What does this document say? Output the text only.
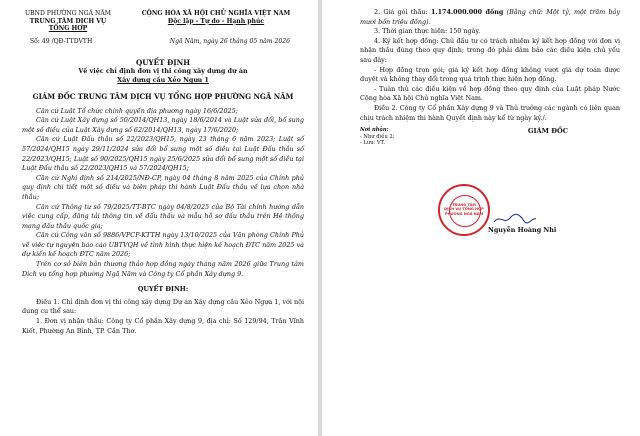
UBND PHƯỜNG NGÃ NĂM
TRUNG TÂM DỊCH VỤ
TỔNG HỢP
CỘNG HÒA XÃ HỘI CHỦ NGHĨA VIỆT NAM
Độc lập - Tự do - Hạnh phúc
Số: 49 /QĐ-TTDVTH	Ngã Năm, ngày 26 tháng 05 năm 2026
QUYẾT ĐỊNH
Về việc chỉ định đơn vị thi công xây dựng dự án
Xây dựng cầu Xẻo Ngựa 1
GIÁM ĐỐC TRUNG TÂM DỊCH VỤ TỔNG HỢP PHƯỜNG NGÃ NĂM

Căn cứ Luật Tổ chức chính quyền địa phương ngày 16/6/2025;

Căn cứ Luật Xây dựng số 50/2014/QH13, ngày 18/6/2014 và Luật sửa đổi, bổ sung một số điều của Luật Xây dựng số 62/2014/QH13, ngày 17/6/2020;

Căn cứ Luật Đấu thầu số 22/2023/QH15, ngày 23 tháng 6 năm 2023; Luật số 57/2024/QH15 ngày 29/11/2024 sửa đổi bổ sung một số điều tại Luật Đấu thầu số 22/2023/QH15; Luật số 90/2025/QH15 ngày 25/6/2025 sửa đổi bổ sung một số điều tại Luật Đấu thầu số 22/2023/QH15 và 57/2024/QH15;

Căn cứ Nghị định số 214/2025/NĐ-CP, ngày 04 tháng 8 năm 2025 của Chính phủ quy định chi tiết một số điều và biện pháp thi hành Luật Đấu thầu về lựa chọn nhà thầu;

Căn cứ Thông tư số 79/2025/TT-BTC ngày 04/8/2025 của Bộ Tài chính hướng dẫn việc cung cấp, đăng tải thông tin về đấu thầu và mẫu hồ sơ đấu thầu trên Hệ thống mạng đấu thầu quốc gia;

Căn cứ Công văn số 9886/VPCP-KTTH ngày 13/10/2025 của Văn phòng Chính Phủ về việc tự nguyện báo cáo UBTVQH về tình hình thực hiện kế hoạch ĐTC năm 2025 và dự kiến kế hoạch ĐTC năm 2026;

Trên cơ sở biên bản thương thảo hợp đồng ngày tháng năm 2026 giữa Trung tâm Dịch vụ tổng hợp phường Ngã Năm và Công ty Cổ phần Xây dựng 9.

QUYẾT ĐỊNH:

Điều 1. Chỉ định đơn vị thi công xây dựng Dự án Xây dựng cầu Xẻo Ngựa 1, với nội dung cụ thể sau:

1. Đơn vị nhận thầu: Công ty Cổ phần Xây dựng 9, địa chỉ: Số 129/94, Trần Vĩnh Kiết, Phường An Bình, TP. Cần Thơ.

2. Giá gói thầu: 1.174.000.000 đồng (Bằng chữ: Một tỷ, một trăm bảy mươi bốn triệu đồng).

3. Thời gian thực hiện: 150 ngày.

4. Ký kết hợp đồng: Chủ đầu tư có trách nhiệm ký kết hợp đồng với đơn vị nhận thầu đúng theo quy định; trong đó phải đảm bảo các điều kiện chủ yếu sau đây:

- Hợp đồng trọn gói; giá ký kết hợp đồng không vượt giá dự toán được duyệt và không thay đổi trong quá trình thực hiện hợp đồng.

- Tuân thủ các điều kiện về hợp đồng theo quy định của Luật pháp Nước Cộng hòa Xã hội Chủ nghĩa Việt Nam.

Điều 2. Công ty Cổ phần Xây dựng 9 và Thủ trưởng các ngành có liên quan chịu trách nhiệm thi hành Quyết định này kể từ ngày ký./.

Nơi nhận:
- Như điều 2;
- Lưu: VT.
GIÁM ĐỐC
TRUNG TÂM
DỊCH VỤ TỔNG HỢP
PHƯỜNG NGÃ NĂM
Nguyễn Hoàng Nhi
